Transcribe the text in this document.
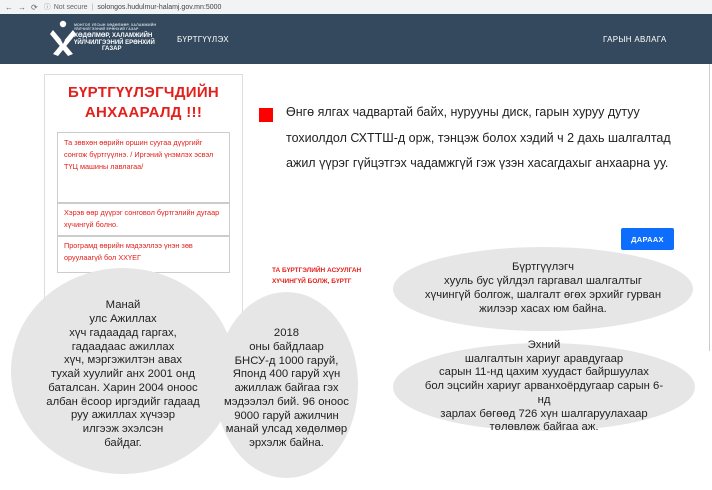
← → ⟳ ⓘ Not secure | solongos.hudulmur-halamj.gov.mn:5000
МОНГОЛ УЛСЫН ХӨДӨЛМӨР, ХАЛАМЖИЙН ҮЙЛЧИЛГЭЭНИЙ ЕРӨНХИЙ ГАЗАР
ХӨДӨЛМӨР, ХАЛАМЖИЙН
ҮЙЛЧИЛГЭЭНИЙ ЕРӨНХИЙ
ГАЗАР
БҮРТГҮҮЛЭХ	ГАРЫН АВЛАГА
БҮРТГҮҮЛЭГЧДИЙН
АНХААРАЛД !!!
Та зөвхөн өөрийн оршин суугаа дүүргийг сонгож бүртгүүлнэ. / Иргэний үнэмлэх эсвэл ТҮЦ машины лавлагаа/
Хэрэв өөр дүүрэг сонговол бүртгэлийн дугаар хүчингүй болно.
Програмд өөрийн мэдээллээ үнэн зөв оруулаагүй бол ХХҮЕГ
Өнгө ялгах чадвартай байх, нурууны диск, гарын хуруу дутуу тохиолдол СХТТШ-д орж, тэнцэж болох хэдий ч 2 дахь шалгалтад ажил үүрэг гүйцэтгэх чадамжгүй гэж үзэн хасагдахыг анхаарна уу.
ДАРААХ
ТА БҮРТГЭЛИЙН АСУУЛГАН
ХҮЧИНГҮЙ БОЛЖ, БҮРТГ
Бүртгүүлэгч
хууль бус үйлдэл гаргавал шалгалтыг
хүчингүй болгож, шалгалт өгөх эрхийг гурван
жилээр хасах юм байна.
Эхний
шалгалтын хариуг аравдугаар
сарын 11-нд цахим хуудаст байршуулах
бол эцсийн хариуг арванхоёрдугаар сарын 6-нд
зарлах бөгөөд 726 хүн шалгаруулахаар
төлөвлөж байгаа аж.
Манай
улс Ажиллах
хүч гадаадад гаргах,
гадаадаас ажиллах
хүч, мэргэжилтэн авах
тухай хуулийг анх 2001 онд
баталсан. Харин 2004 оноос
албан ёсоор иргэдийг гадаад
руу ажиллах хүчээр
илгээж эхэлсэн
байдаг.
2018
оны байдлаар
БНСУ-д 1000 гаруй,
Японд 400 гаруй хүн
ажиллаж байгаа гэх
мэдээлэл бий. 96 оноос
9000 гаруй ажилчин
манай улсад хөдөлмөр
эрхэлж байна.
